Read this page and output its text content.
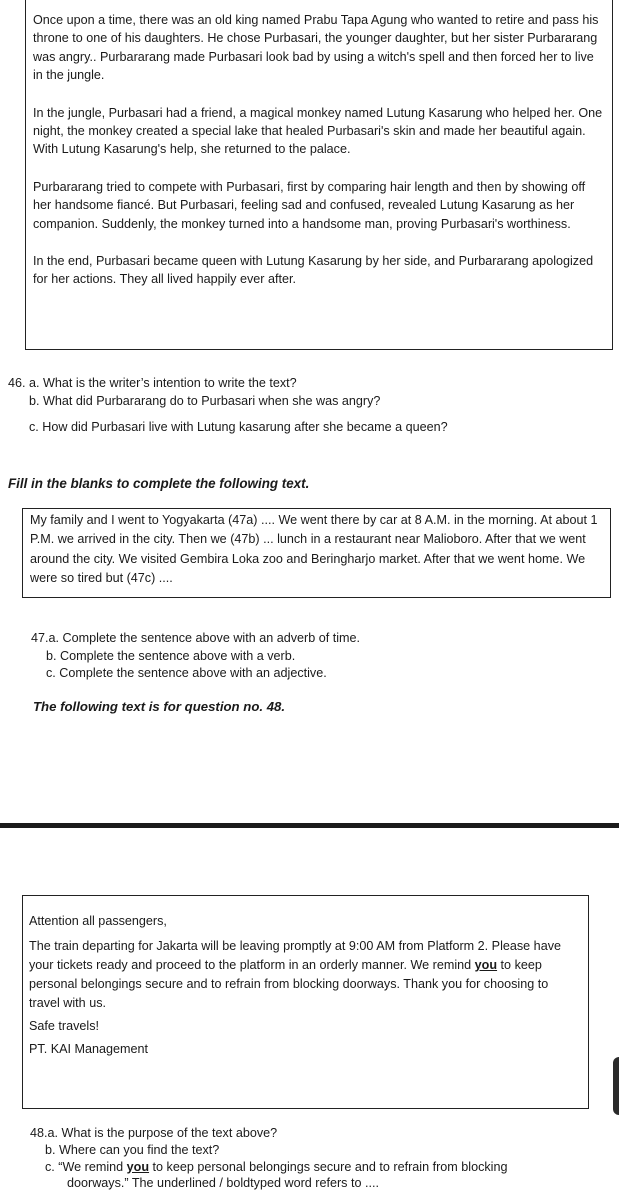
Once upon a time, there was an old king named Prabu Tapa Agung who wanted to retire and pass his throne to one of his daughters. He chose Purbasari, the younger daughter, but her sister Purbararang was angry.. Purbararang made Purbasari look bad by using a witch's spell and then forced her to live in the jungle.

In the jungle, Purbasari had a friend, a magical monkey named Lutung Kasarung who helped her. One night, the monkey created a special lake that healed Purbasari's skin and made her beautiful again. With Lutung Kasarung's help, she returned to the palace.

Purbararang tried to compete with Purbasari, first by comparing hair length and then by showing off her handsome fiancé. But Purbasari, feeling sad and confused, revealed Lutung Kasarung as her companion. Suddenly, the monkey turned into a handsome man, proving Purbasari's worthiness.

In the end, Purbasari became queen with Lutung Kasarung by her side, and Purbararang apologized for her actions. They all lived happily ever after.

46. a. What is the writer’s intention to write the text?
b. What did Purbararang do to Purbasari when she was angry?
c. How did Purbasari live with Lutung kasarung after she became a queen?
Fill in the blanks to complete the following text.
My family and I went to Yogyakarta (47a) .... We went there by car at 8 A.M. in the morning. At about 1 P.M. we arrived in the city. Then we (47b) ... lunch in a restaurant near Malioboro. After that we went around the city. We visited Gembira Loka zoo and Beringharjo market. After that we went home. We were so tired but (47c) ....
47.a. Complete the sentence above with an adverb of time.
b. Complete the sentence above with a verb.
c. Complete the sentence above with an adjective.
The following text is for question no. 48.
Attention all passengers,
The train departing for Jakarta will be leaving promptly at 9:00 AM from Platform 2. Please have your tickets ready and proceed to the platform in an orderly manner. We remind you to keep personal belongings secure and to refrain from blocking doorways. Thank you for choosing to travel with us.
Safe travels!
PT. KAI Management
48.a. What is the purpose of the text above?
b. Where can you find the text?
c. “We remind you to keep personal belongings secure and to refrain from blocking
doorways.” The underlined / boldtyped word refers to ....
